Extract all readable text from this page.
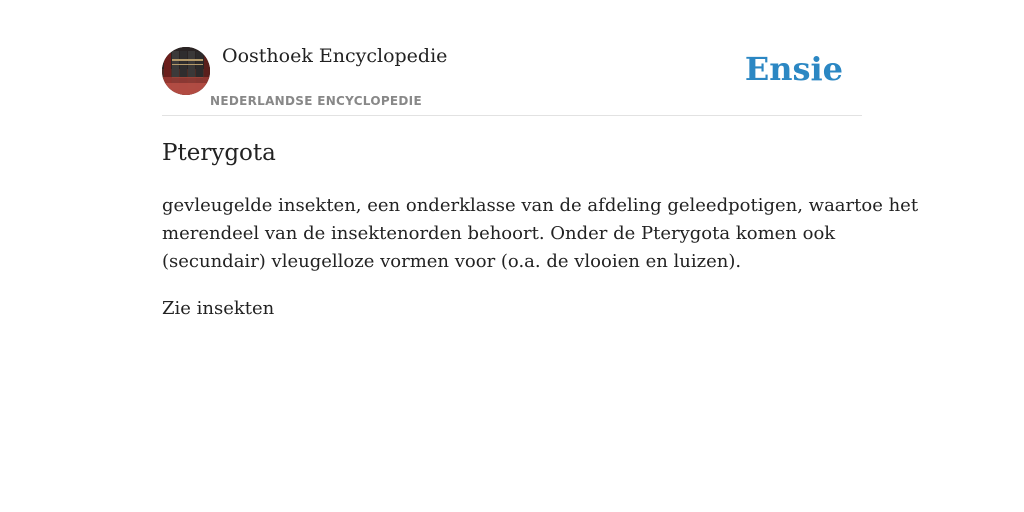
Oosthoek Encyclopedie
NEDERLANDSE ENCYCLOPEDIE
Ensie
Pterygota

gevleugelde insekten, een onderklasse van de afdeling geleedpotigen, waartoe het
merendeel van de insektenorden behoort. Onder de Pterygota komen ook
(secundair) vleugelloze vormen voor (o.a. de vlooien en luizen).

Zie insekten
